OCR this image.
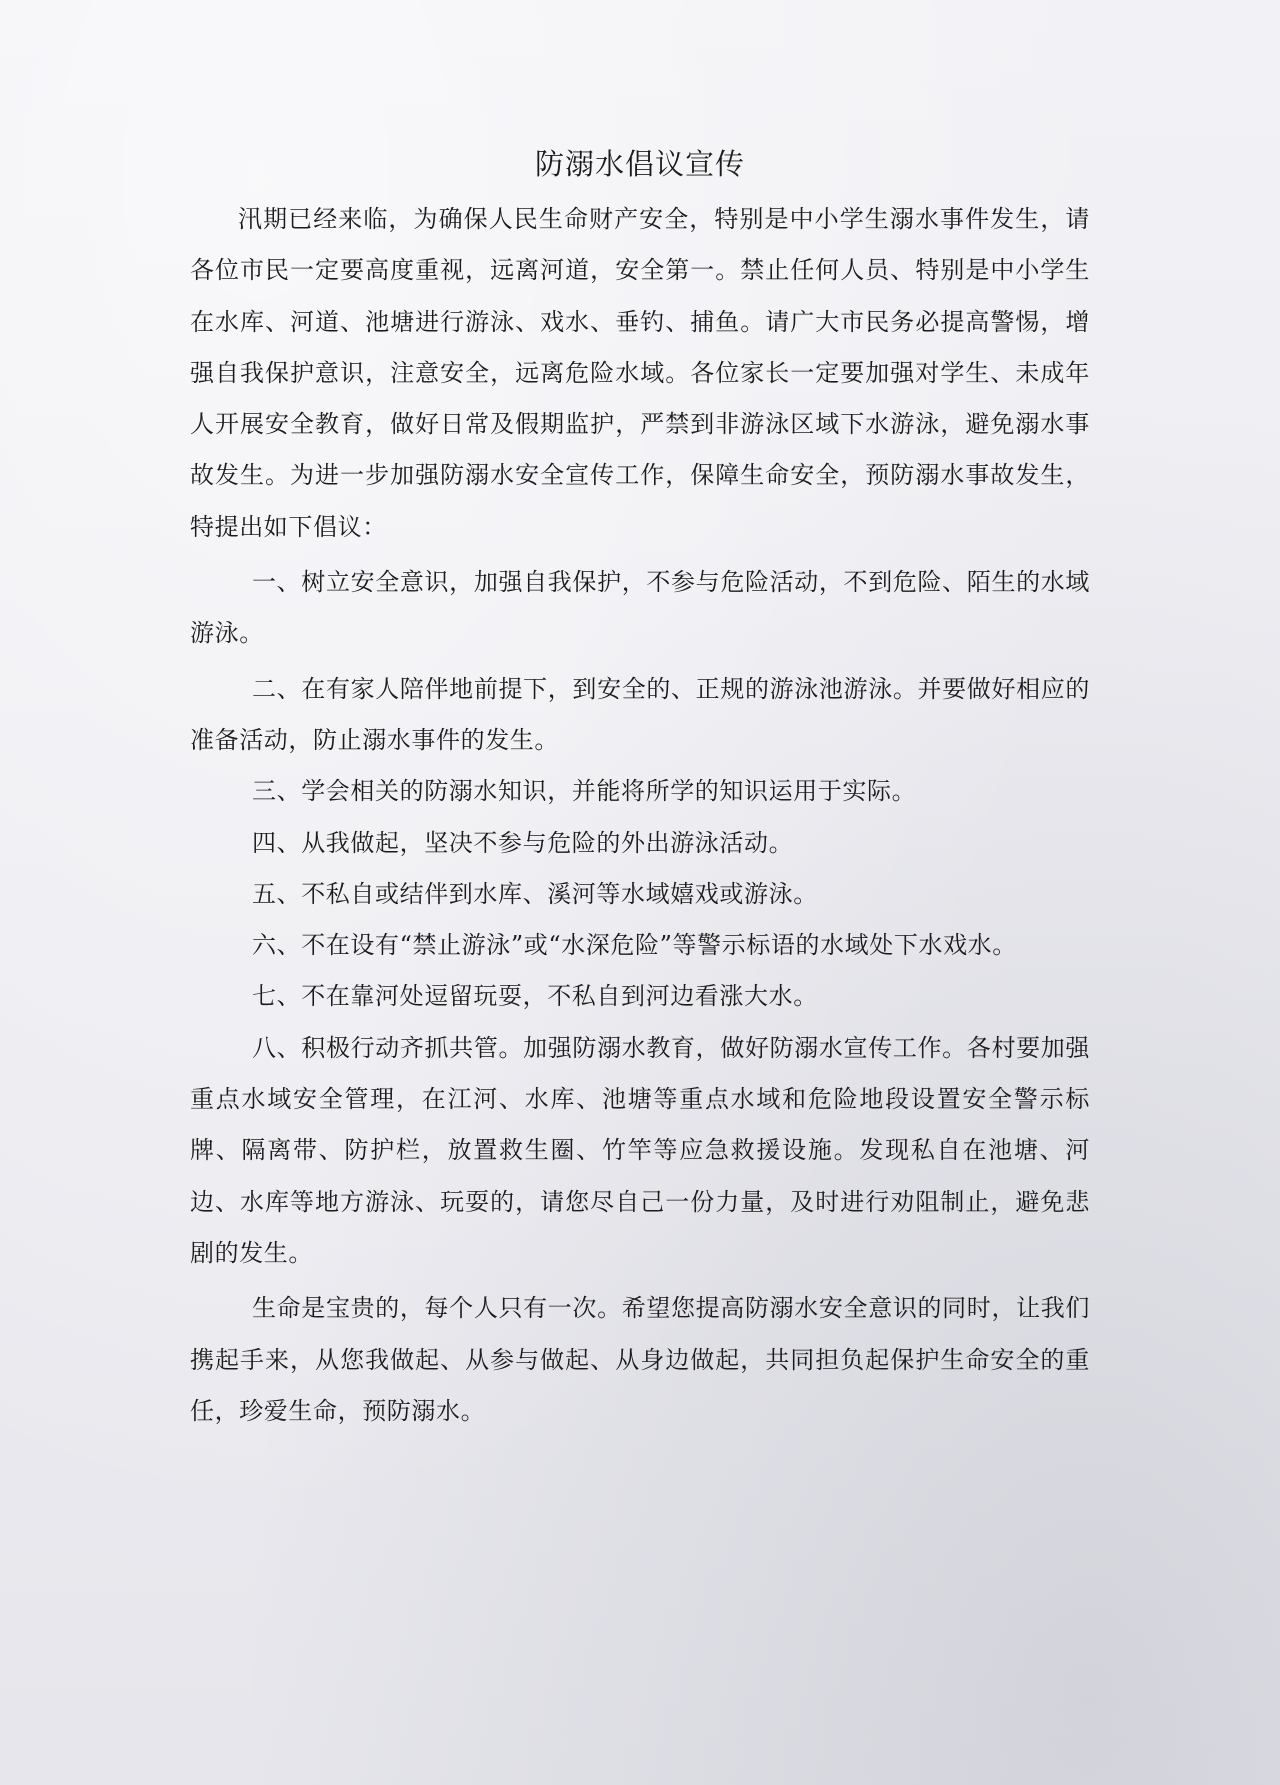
防溺水倡议宣传

汛期已经来临，为确保人民生命财产安全，特别是中小学生溺水事件发生，请各位市民一定要高度重视，远离河道，安全第一。禁止任何人员、特别是中小学生在水库、河道、池塘进行游泳、戏水、垂钓、捕鱼。请广大市民务必提高警惕，增强自我保护意识，注意安全，远离危险水域。各位家长一定要加强对学生、未成年人开展安全教育，做好日常及假期监护，严禁到非游泳区域下水游泳，避免溺水事故发生。为进一步加强防溺水安全宣传工作，保障生命安全，预防溺水事故发生，特提出如下倡议：

一、树立安全意识，加强自我保护，不参与危险活动，不到危险、陌生的水域游泳。

二、在有家人陪伴地前提下，到安全的、正规的游泳池游泳。并要做好相应的准备活动，防止溺水事件的发生。

三、学会相关的防溺水知识，并能将所学的知识运用于实际。

四、从我做起，坚决不参与危险的外出游泳活动。

五、不私自或结伴到水库、溪河等水域嬉戏或游泳。

六、不在设有“禁止游泳”或“水深危险”等警示标语的水域处下水戏水。

七、不在靠河处逗留玩耍，不私自到河边看涨大水。

八、积极行动齐抓共管。加强防溺水教育，做好防溺水宣传工作。各村要加强重点水域安全管理，在江河、水库、池塘等重点水域和危险地段设置安全警示标牌、隔离带、防护栏，放置救生圈、竹竿等应急救援设施。发现私自在池塘、河边、水库等地方游泳、玩耍的，请您尽自己一份力量，及时进行劝阻制止，避免悲剧的发生。

生命是宝贵的，每个人只有一次。希望您提高防溺水安全意识的同时，让我们携起手来，从您我做起、从参与做起、从身边做起，共同担负起保护生命安全的重任，珍爱生命，预防溺水。
